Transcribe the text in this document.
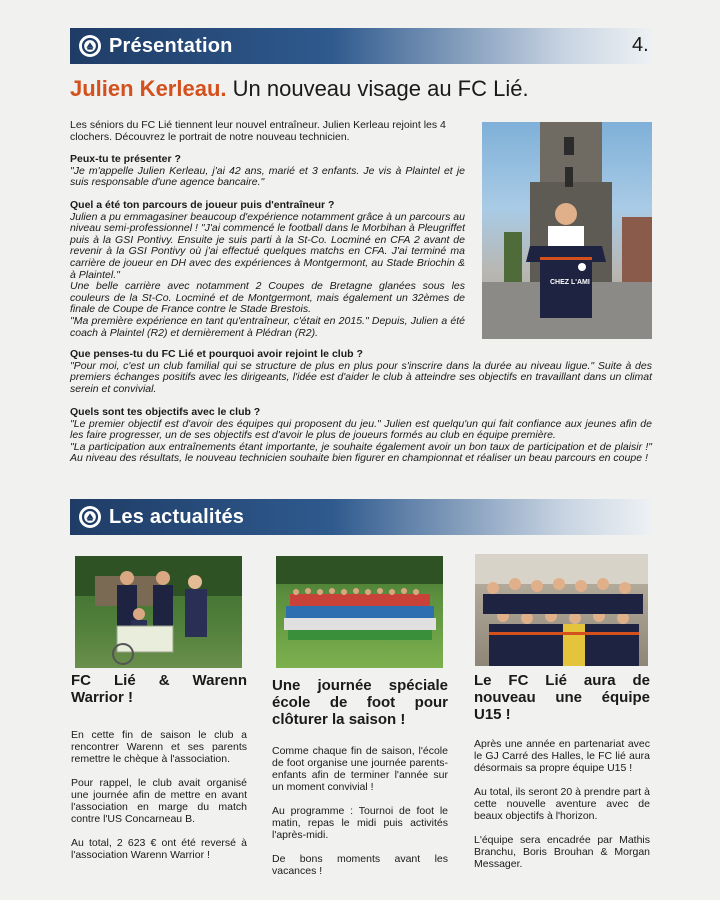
Présentation	4.
Julien Kerleau. Un nouveau visage au FC Lié.
Les séniors du FC Lié tiennent leur nouvel entraîneur. Julien Kerleau rejoint les 4 clochers. Découvrez le portrait de notre nouveau technicien.
Peux-tu te présenter ?
"Je m'appelle Julien Kerleau, j'ai 42 ans, marié et 3 enfants. Je vis à Plaintel et je suis responsable d'une agence bancaire."
Quel a été ton parcours de joueur puis d'entraîneur ?
Julien a pu emmagasiner beaucoup d'expérience notamment grâce à un parcours au niveau semi-professionnel ! "J'ai commencé le football dans le Morbihan à Pleugriffet puis à la GSI Pontivy. Ensuite je suis parti à la St-Co. Locminé en CFA 2 avant de revenir à la GSI Pontivy où j'ai effectué quelques matchs en CFA. J'ai terminé ma carrière de joueur en DH avec des expériences à Montgermont, au Stade Briochin & à Plaintel."
Une belle carrière avec notamment 2 Coupes de Bretagne glanées sous les couleurs de la St-Co. Locminé et de Montgermont, mais également un 32èmes de finale de Coupe de France contre le Stade Brestois.
"Ma première expérience en tant qu'entraîneur, c'était en 2015." Depuis, Julien a été coach à Plaintel (R2) et dernièrement à Plédran (R2).
CHEZ L'AMI
Que penses-tu du FC Lié et pourquoi avoir rejoint le club ?
"Pour moi, c'est un club familial qui se structure de plus en plus pour s'inscrire dans la durée au niveau ligue." Suite à des premiers échanges positifs avec les dirigeants, l'idée est d'aider le club à atteindre ses objectifs en travaillant dans un climat serein et convivial.
Quels sont tes objectifs avec le club ?
"Le premier objectif est d'avoir des équipes qui proposent du jeu." Julien est quelqu'un qui fait confiance aux jeunes afin de les faire progresser, un de ses objectifs est d'avoir le plus de joueurs formés au club en équipe première.
"La participation aux entraînements étant importante, je souhaite également avoir un bon taux de participation et de plaisir !" Au niveau des résultats, le nouveau technicien souhaite bien figurer en championnat et réaliser un beau parcours en coupe !
Les actualités
FC Lié & Warenn Warrior !

En cette fin de saison le club a rencontrer Warenn et ses parents remettre le chèque à l'association.

Pour rappel, le club avait organisé une journée afin de mettre en avant l'association en marge du match contre l'US Concarneau B.

Au total, 2 623 € ont été reversé à l'association Warenn Warrior !

Une journée spéciale école de foot pour clôturer la saison !

Comme chaque fin de saison, l'école de foot organise une journée parents-enfants afin de terminer l'année sur un moment convivial !

Au programme : Tournoi de foot le matin, repas le midi puis activités l'après-midi.

De bons moments avant les vacances !

Le FC Lié aura de nouveau une équipe U15 !

Après une année en partenariat avec le GJ Carré des Halles, le FC lié aura désormais sa propre équipe U15 !

Au total, ils seront 20 à prendre part à cette nouvelle aventure avec de beaux objectifs à l'horizon.

L'équipe sera encadrée par Mathis Branchu, Boris Brouhan & Morgan Messager.
